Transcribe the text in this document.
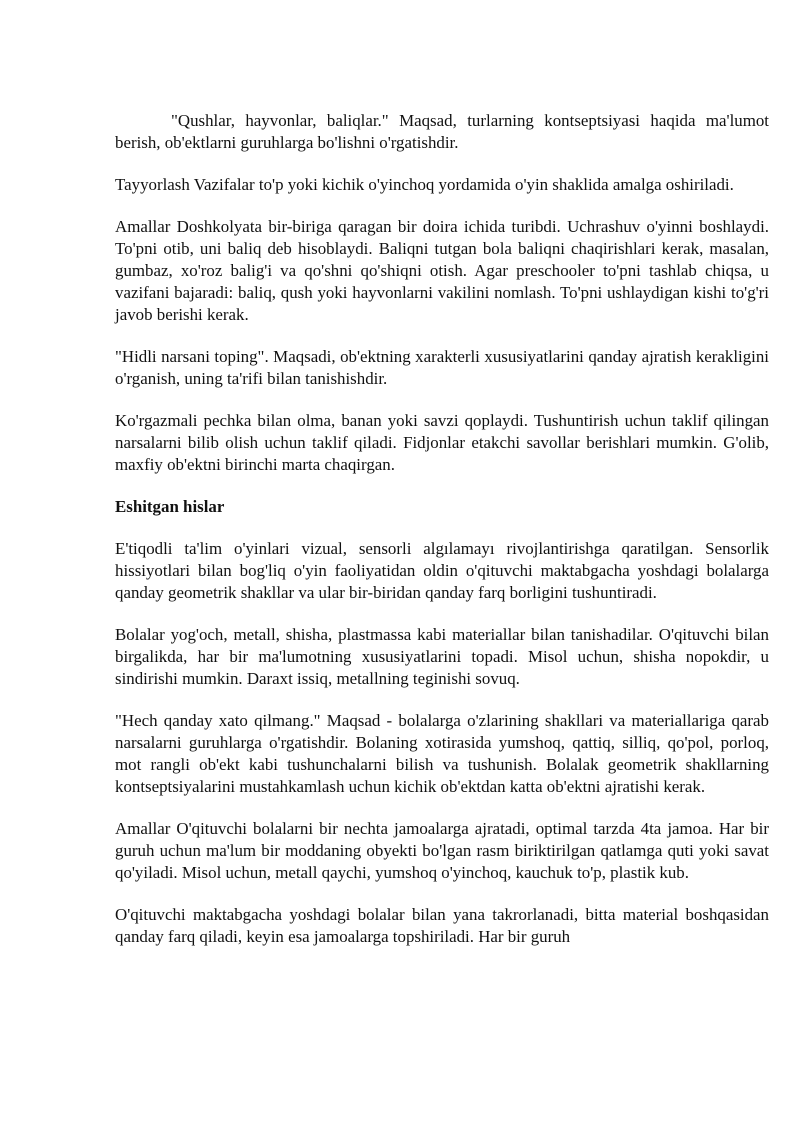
"Qushlar, hayvonlar, baliqlar." Maqsad, turlarning kontseptsiyasi haqida ma'lumot berish, ob'ektlarni guruhlarga bo'lishni o'rgatishdir.

Tayyorlash Vazifalar to'p yoki kichik o'yinchoq yordamida o'yin shaklida amalga oshiriladi.

Amallar Doshkolyata bir-biriga qaragan bir doira ichida turibdi. Uchrashuv o'yinni boshlaydi. To'pni otib, uni baliq deb hisoblaydi. Baliqni tutgan bola baliqni chaqirishlari kerak, masalan, gumbaz, xo'roz balig'i va qo'shni qo'shiqni otish. Agar preschooler to'pni tashlab chiqsa, u vazifani bajaradi: baliq, qush yoki hayvonlarni vakilini nomlash. To'pni ushlaydigan kishi to'g'ri javob berishi kerak.

"Hidli narsani toping". Maqsadi, ob'ektning xarakterli xususiyatlarini qanday ajratish kerakligini o'rganish, uning ta'rifi bilan tanishishdir.

Ko'rgazmali pechka bilan olma, banan yoki savzi qoplaydi. Tushuntirish uchun taklif qilingan narsalarni bilib olish uchun taklif qiladi. Fidjonlar etakchi savollar berishlari mumkin. G'olib, maxfiy ob'ektni birinchi marta chaqirgan.

Eshitgan hislar

E'tiqodli ta'lim o'yinlari vizual, sensorli algılamayı rivojlantirishga qaratilgan. Sensorlik hissiyotlari bilan bog'liq o'yin faoliyatidan oldin o'qituvchi maktabgacha yoshdagi bolalarga qanday geometrik shakllar va ular bir-biridan qanday farq borligini tushuntiradi.

Bolalar yog'och, metall, shisha, plastmassa kabi materiallar bilan tanishadilar. O'qituvchi bilan birgalikda, har bir ma'lumotning xususiyatlarini topadi. Misol uchun, shisha nopokdir, u sindirishi mumkin. Daraxt issiq, metallning teginishi sovuq.

"Hech qanday xato qilmang." Maqsad - bolalarga o'zlarining shakllari va materiallariga qarab narsalarni guruhlarga o'rgatishdir. Bolaning xotirasida yumshoq, qattiq, silliq, qo'pol, porloq, mot rangli ob'ekt kabi tushunchalarni bilish va tushunish. Bolalak geometrik shakllarning kontseptsiyalarini mustahkamlash uchun kichik ob'ektdan katta ob'ektni ajratishi kerak.

Amallar O'qituvchi bolalarni bir nechta jamoalarga ajratadi, optimal tarzda 4ta jamoa. Har bir guruh uchun ma'lum bir moddaning obyekti bo'lgan rasm biriktirilgan qatlamga quti yoki savat qo'yiladi. Misol uchun, metall qaychi, yumshoq o'yinchoq, kauchuk to'p, plastik kub.

O'qituvchi maktabgacha yoshdagi bolalar bilan yana takrorlanadi, bitta material boshqasidan qanday farq qiladi, keyin esa jamoalarga topshiriladi. Har bir guruh
